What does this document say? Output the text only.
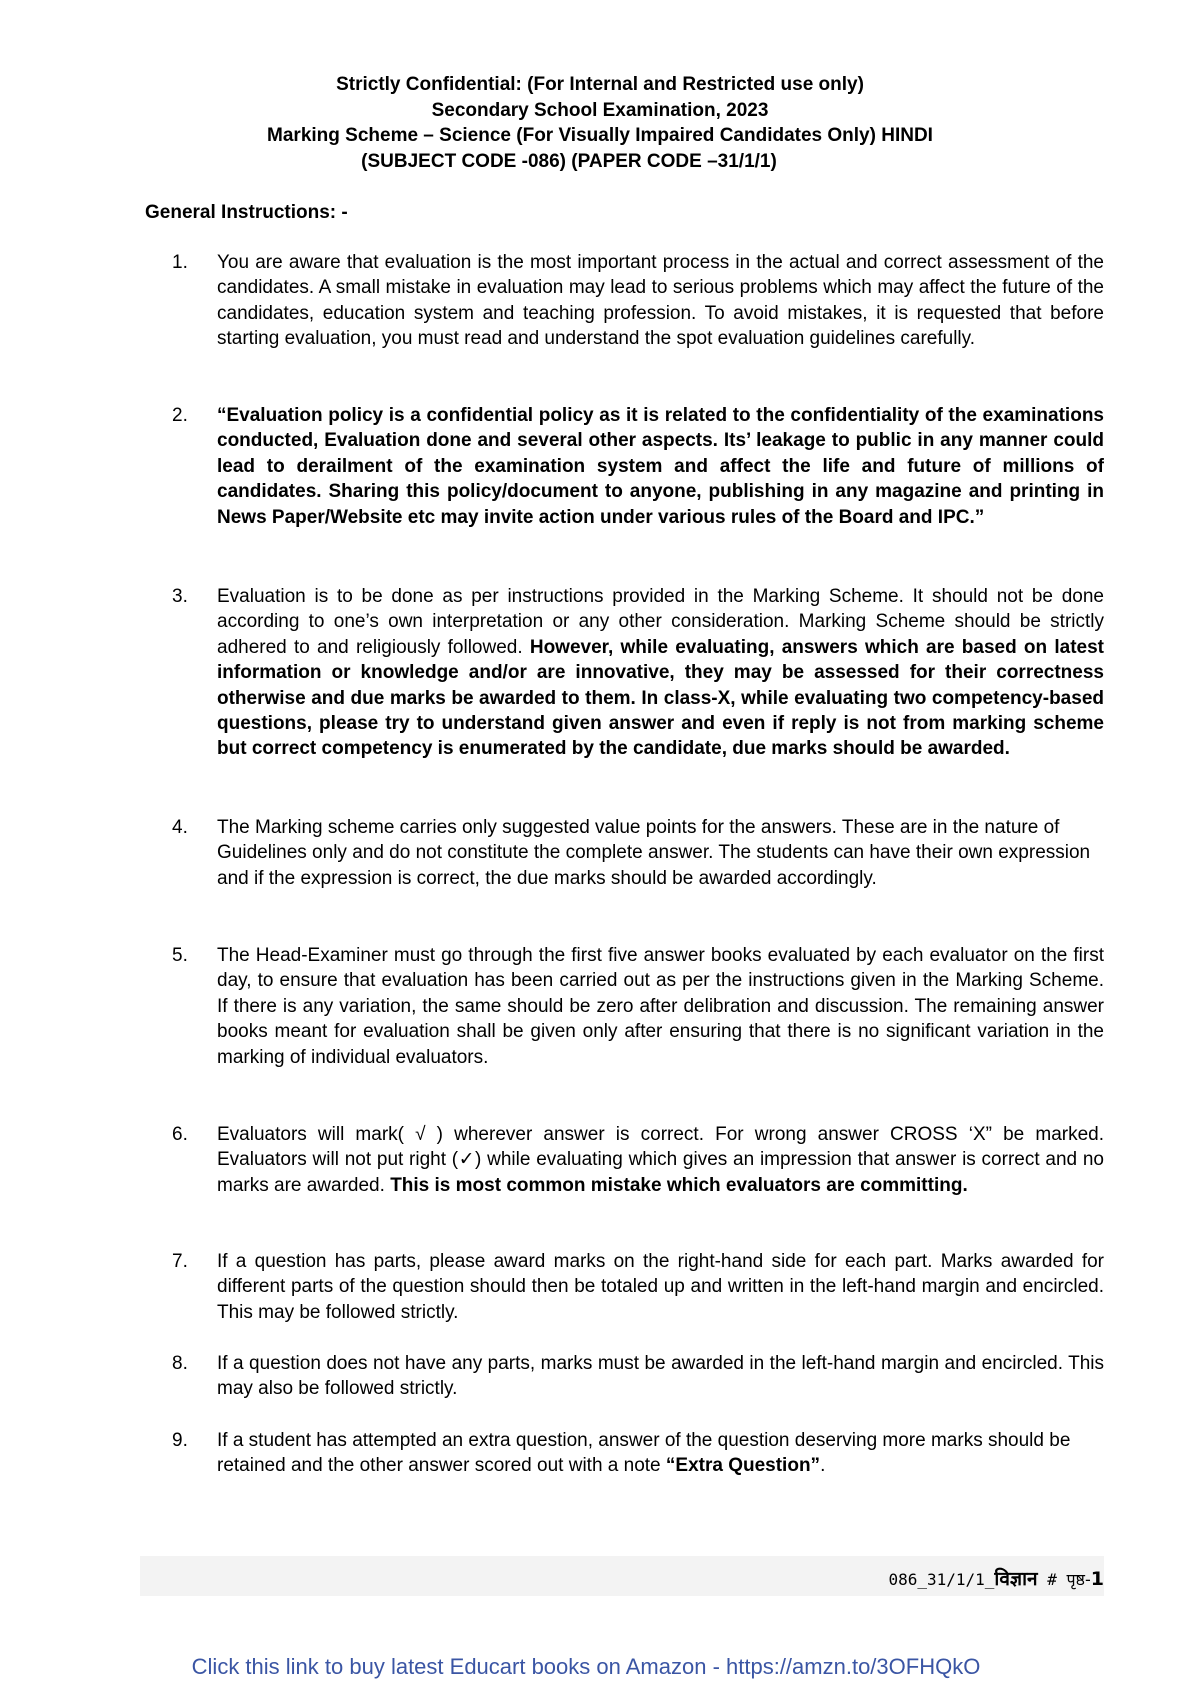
Strictly Confidential: (For Internal and Restricted use only)
Secondary School Examination, 2023
Marking Scheme – Science (For Visually Impaired Candidates Only) HINDI
(SUBJECT CODE -086) (PAPER CODE –31/1/1)
General Instructions: -
1.	You are aware that evaluation is the most important process in the actual and correct assessment of the candidates. A small mistake in evaluation may lead to serious problems which may affect the future of the candidates, education system and teaching profession. To avoid mistakes, it is requested that before starting evaluation, you must read and understand the spot evaluation guidelines carefully.
2.	“Evaluation policy is a confidential policy as it is related to the confidentiality of the examinations conducted, Evaluation done and several other aspects. Its’ leakage to public in any manner could lead to derailment of the examination system and affect the life and future of millions of candidates. Sharing this policy/document to anyone, publishing in any magazine and printing in News Paper/Website etc may invite action under various rules of the Board and IPC.”
3.	Evaluation is to be done as per instructions provided in the Marking Scheme. It should not be done according to one’s own interpretation or any other consideration. Marking Scheme should be strictly adhered to and religiously followed. However, while evaluating, answers which are based on latest information or knowledge and/or are innovative, they may be assessed for their correctness otherwise and due marks be awarded to them. In class-X, while evaluating two competency-based questions, please try to understand given answer and even if reply is not from marking scheme but correct competency is enumerated by the candidate, due marks should be awarded.
4.	The Marking scheme carries only suggested value points for the answers. These are in the nature of Guidelines only and do not constitute the complete answer. The students can have their own expression and if the expression is correct, the due marks should be awarded accordingly.
5.	The Head-Examiner must go through the first five answer books evaluated by each evaluator on the first day, to ensure that evaluation has been carried out as per the instructions given in the Marking Scheme. If there is any variation, the same should be zero after delibration and discussion. The remaining answer books meant for evaluation shall be given only after ensuring that there is no significant variation in the marking of individual evaluators.
6.	Evaluators will mark( √ ) wherever answer is correct. For wrong answer CROSS ‘X” be marked. Evaluators will not put right (✓) while evaluating which gives an impression that answer is correct and no marks are awarded. This is most common mistake which evaluators are committing.
7.	If a question has parts, please award marks on the right-hand side for each part. Marks awarded for different parts of the question should then be totaled up and written in the left-hand margin and encircled. This may be followed strictly.
8.	If a question does not have any parts, marks must be awarded in the left-hand margin and encircled. This may also be followed strictly.
9.	If a student has attempted an extra question, answer of the question deserving more marks should be retained and the other answer scored out with a note “Extra Question”.
086_31/1/1_विज्ञान # पृष्ठ-1
Click this link to buy latest Educart books on Amazon - https://amzn.to/3OFHQkO
